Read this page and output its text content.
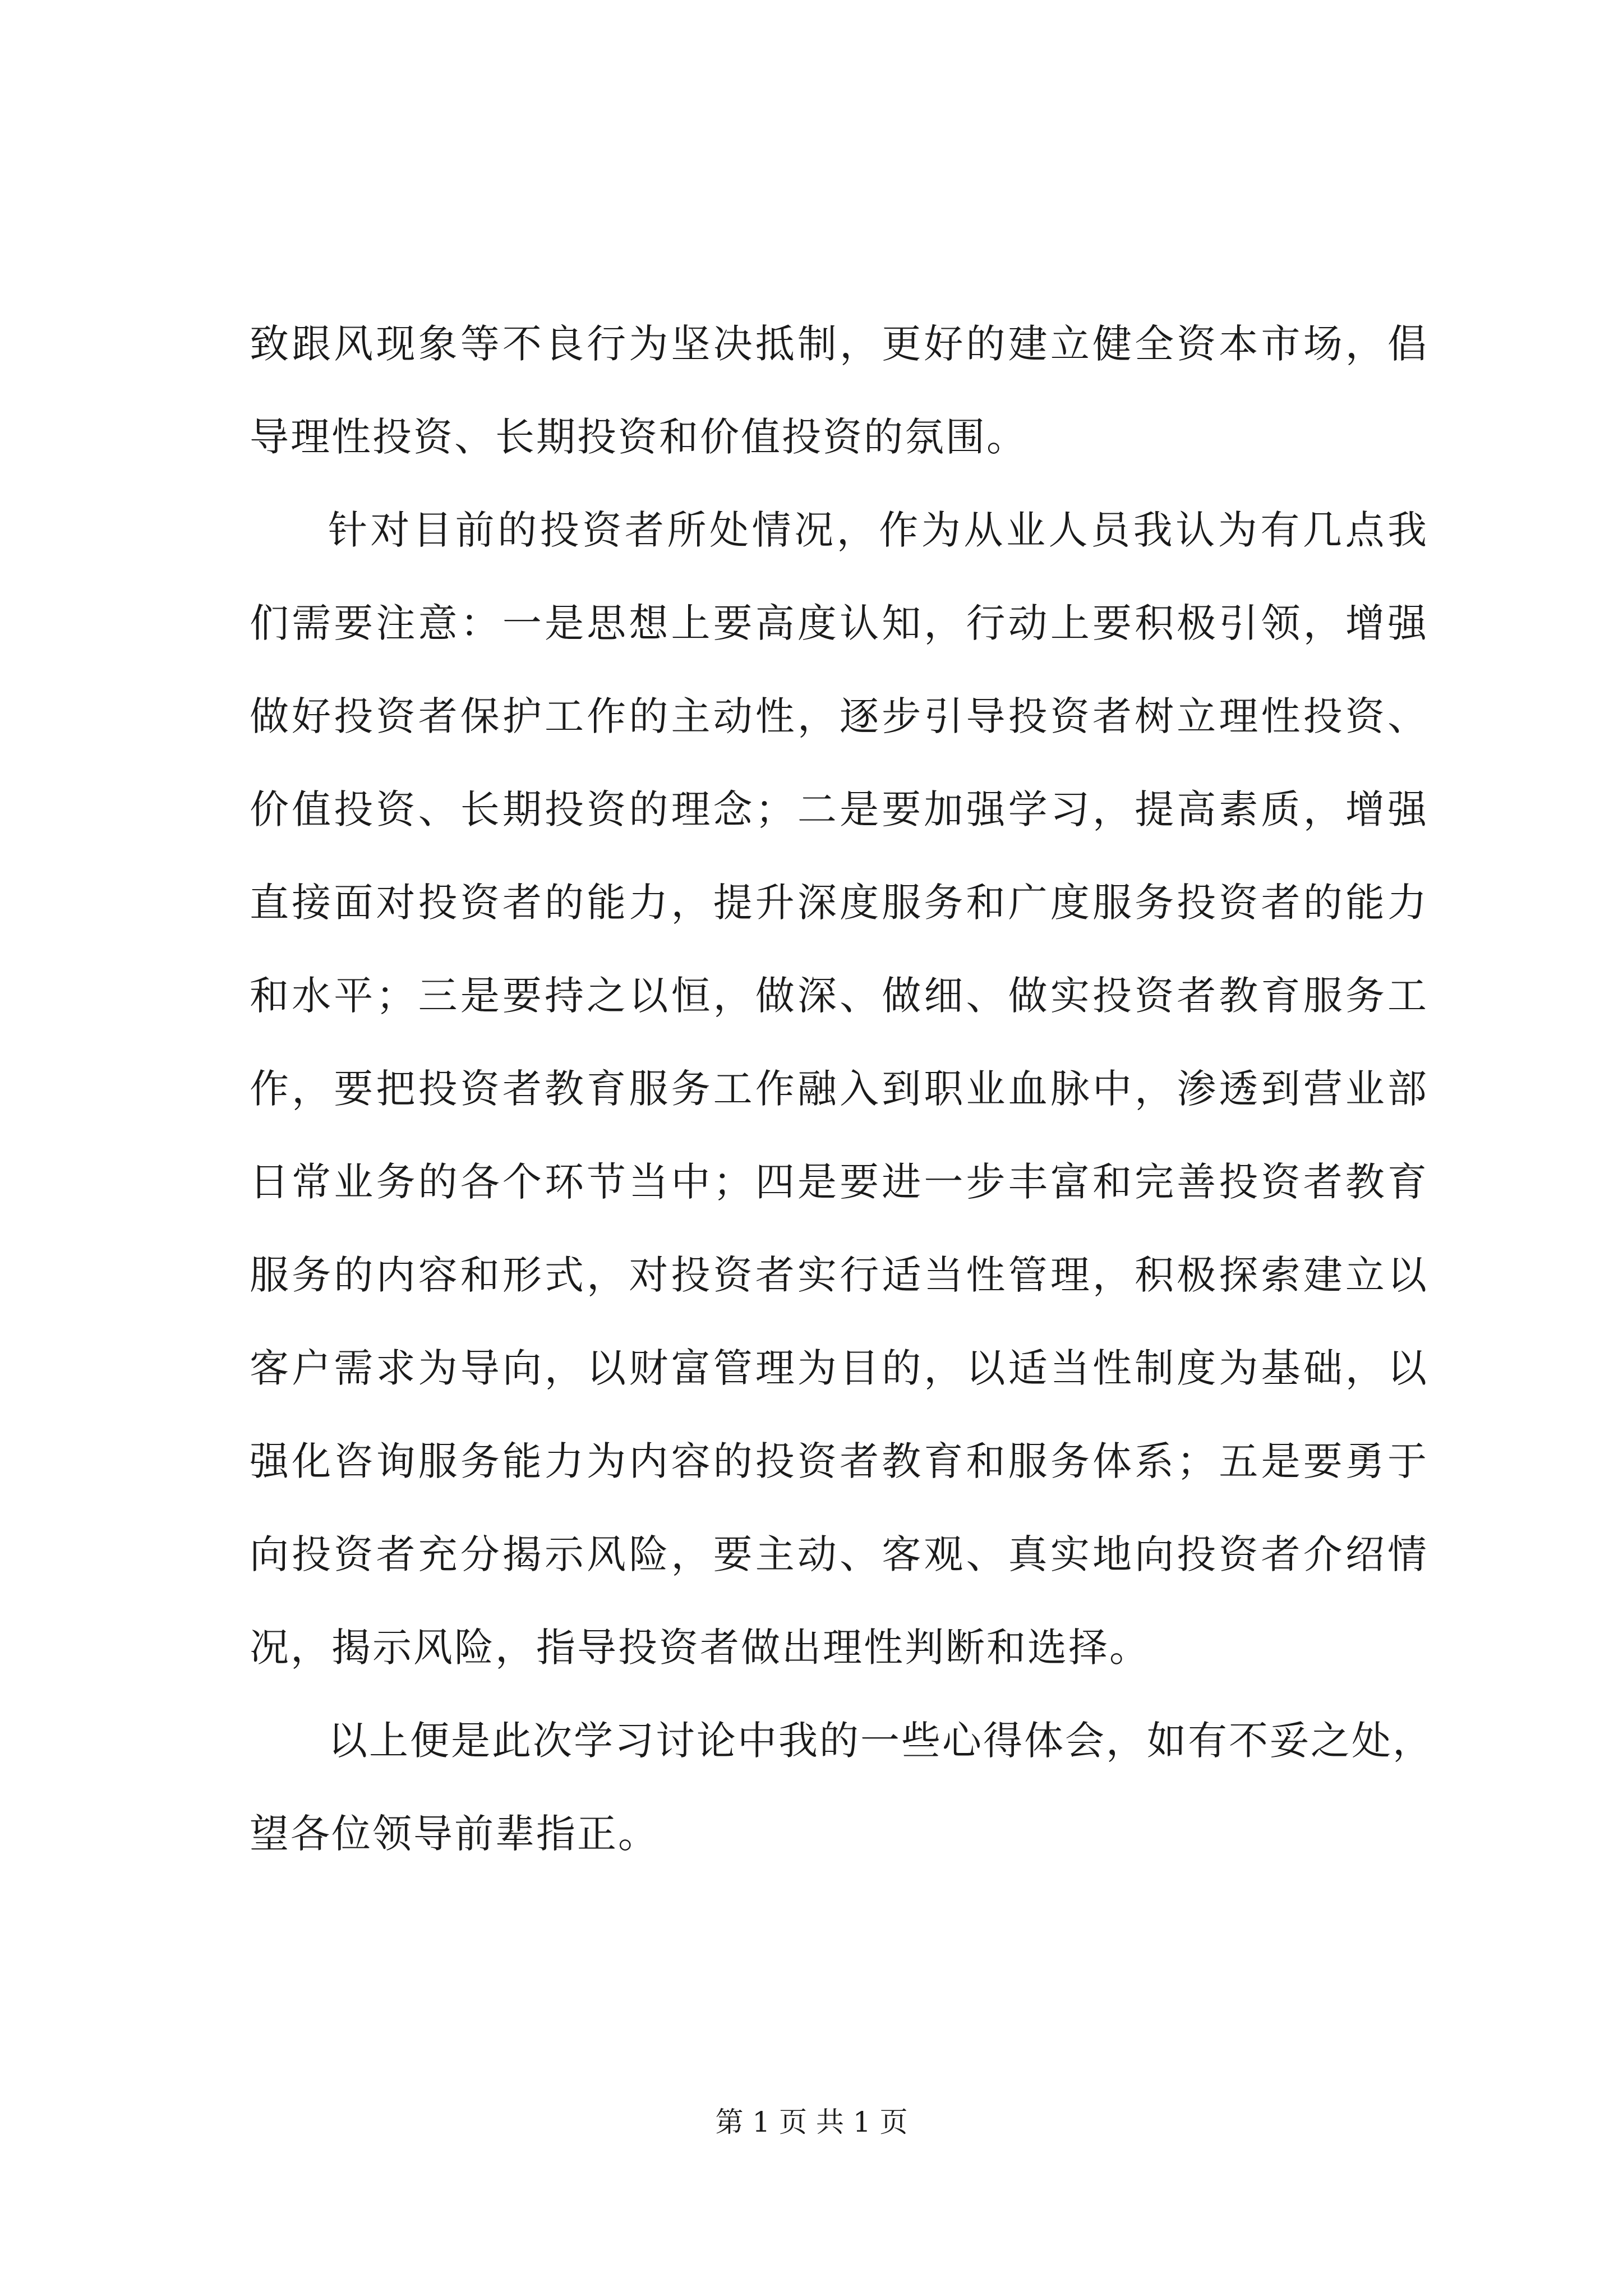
致跟风现象等不良行为坚决抵制，更好的建立健全资本市场，倡
导理性投资、长期投资和价值投资的氛围。
针对目前的投资者所处情况，作为从业人员我认为有几点我
们需要注意：一是思想上要高度认知，行动上要积极引领，增强
做好投资者保护工作的主动性，逐步引导投资者树立理性投资、
价值投资、长期投资的理念；二是要加强学习，提高素质，增强
直接面对投资者的能力，提升深度服务和广度服务投资者的能力
和水平；三是要持之以恒，做深、做细、做实投资者教育服务工
作，要把投资者教育服务工作融入到职业血脉中，渗透到营业部
日常业务的各个环节当中；四是要进一步丰富和完善投资者教育
服务的内容和形式，对投资者实行适当性管理，积极探索建立以
客户需求为导向，以财富管理为目的，以适当性制度为基础，以
强化咨询服务能力为内容的投资者教育和服务体系；五是要勇于
向投资者充分揭示风险，要主动、客观、真实地向投资者介绍情
况，揭示风险，指导投资者做出理性判断和选择。
以上便是此次学习讨论中我的一些心得体会，如有不妥之处，
望各位领导前辈指正。
第 1 页 共 1 页
